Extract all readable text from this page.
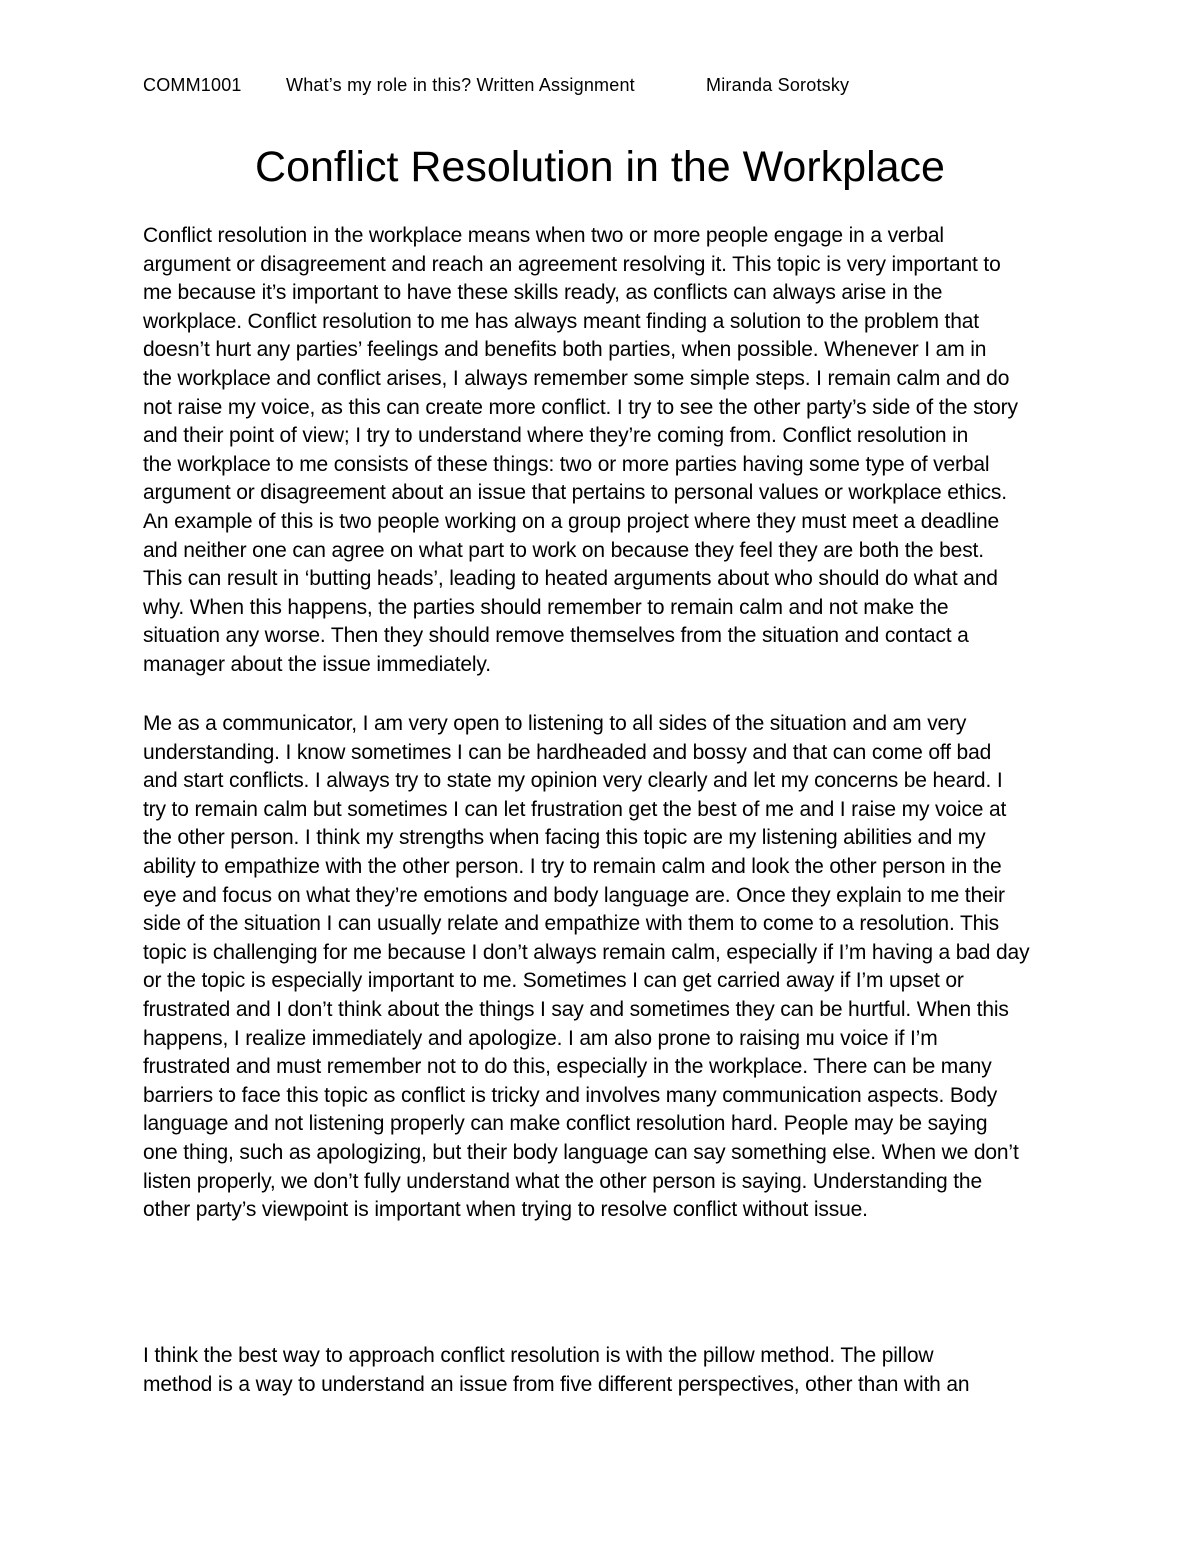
COMM1001 What’s my role in this? Written Assignment	Miranda Sorotsky
Conflict Resolution in the Workplace

Conflict resolution in the workplace means when two or more people engage in a verbal
argument or disagreement and reach an agreement resolving it. This topic is very important to
me because it’s important to have these skills ready, as conflicts can always arise in the
workplace. Conflict resolution to me has always meant finding a solution to the problem that
doesn’t hurt any parties’ feelings and benefits both parties, when possible. Whenever I am in
the workplace and conflict arises, I always remember some simple steps. I remain calm and do
not raise my voice, as this can create more conflict. I try to see the other party’s side of the story
and their point of view; I try to understand where they’re coming from. Conflict resolution in
the workplace to me consists of these things: two or more parties having some type of verbal
argument or disagreement about an issue that pertains to personal values or workplace ethics.
An example of this is two people working on a group project where they must meet a deadline
and neither one can agree on what part to work on because they feel they are both the best.
This can result in ‘butting heads’, leading to heated arguments about who should do what and
why. When this happens, the parties should remember to remain calm and not make the
situation any worse. Then they should remove themselves from the situation and contact a
manager about the issue immediately.

Me as a communicator, I am very open to listening to all sides of the situation and am very
understanding. I know sometimes I can be hardheaded and bossy and that can come off bad
and start conflicts. I always try to state my opinion very clearly and let my concerns be heard. I
try to remain calm but sometimes I can let frustration get the best of me and I raise my voice at
the other person. I think my strengths when facing this topic are my listening abilities and my
ability to empathize with the other person. I try to remain calm and look the other person in the
eye and focus on what they’re emotions and body language are. Once they explain to me their
side of the situation I can usually relate and empathize with them to come to a resolution. This
topic is challenging for me because I don’t always remain calm, especially if I’m having a bad day
or the topic is especially important to me. Sometimes I can get carried away if I’m upset or
frustrated and I don’t think about the things I say and sometimes they can be hurtful. When this
happens, I realize immediately and apologize. I am also prone to raising mu voice if I’m
frustrated and must remember not to do this, especially in the workplace. There can be many
barriers to face this topic as conflict is tricky and involves many communication aspects. Body
language and not listening properly can make conflict resolution hard. People may be saying
one thing, such as apologizing, but their body language can say something else. When we don’t
listen properly, we don’t fully understand what the other person is saying. Understanding the
other party’s viewpoint is important when trying to resolve conflict without issue.

I think the best way to approach conflict resolution is with the pillow method. The pillow
method is a way to understand an issue from five different perspectives, other than with an
